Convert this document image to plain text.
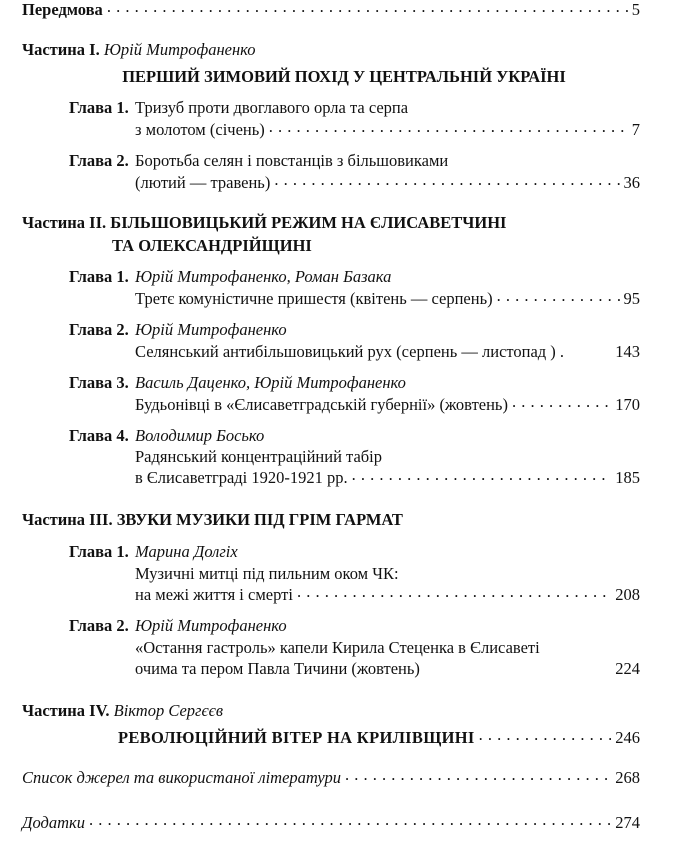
Передмова . . .	5
Частина I.
Юрій Митрофаненко
ПЕРШИЙ ЗИМОВИЙ ПОХІД У ЦЕНТРАЛЬНІЙ УКРАЇНІ
Глава 1. Тризуб проти двоглавого орла та серпа
з молотом (січень) . . .	7
Глава 2. Боротьба селян і повстанців з більшовиками
(лютий — травень) . . .	36
Частина II.
БІЛЬШОВИЦЬКИЙ РЕЖИМ НА ЄЛИСАВЕТЧИНІ
ТА ОЛЕКСАНДРІЙЩИНІ
Глава 1. Юрій Митрофаненко, Роман Базака
Третє комуністичне пришестя (квітень — серпень) . . .	95
Глава 2. Юрій Митрофаненко
Селянський антибільшовицький рух (серпень — листопад ) .	143
Глава 3. Василь Даценко, Юрій Митрофаненко
Будьонівці в «Єлисаветградській губернії» (жовтень) . . .	170
Глава 4. Володимир Босько
Радянський концентраційний табір
в Єлисаветграді 1920-1921 рр. . . .	185
Частина III.
ЗВУКИ МУЗИКИ ПІД ГРІМ ГАРМАТ
Глава 1. Марина Долгіх
Музичні митці під пильним оком ЧК:
на межі життя і смерті . . .	208
Глава 2. Юрій Митрофаненко
«Остання гастроль» капели Кирила Стеценка в Єлисаветі
очима та пером Павла Тичини (жовтень)	224
Частина IV.
Віктор Сергєєв
РЕВОЛЮЦІЙНИЙ ВІТЕР НА КРИЛІВЩИНІ . . .	246
Список джерел та використаної літератури . . .	268
Додатки . . .	274
